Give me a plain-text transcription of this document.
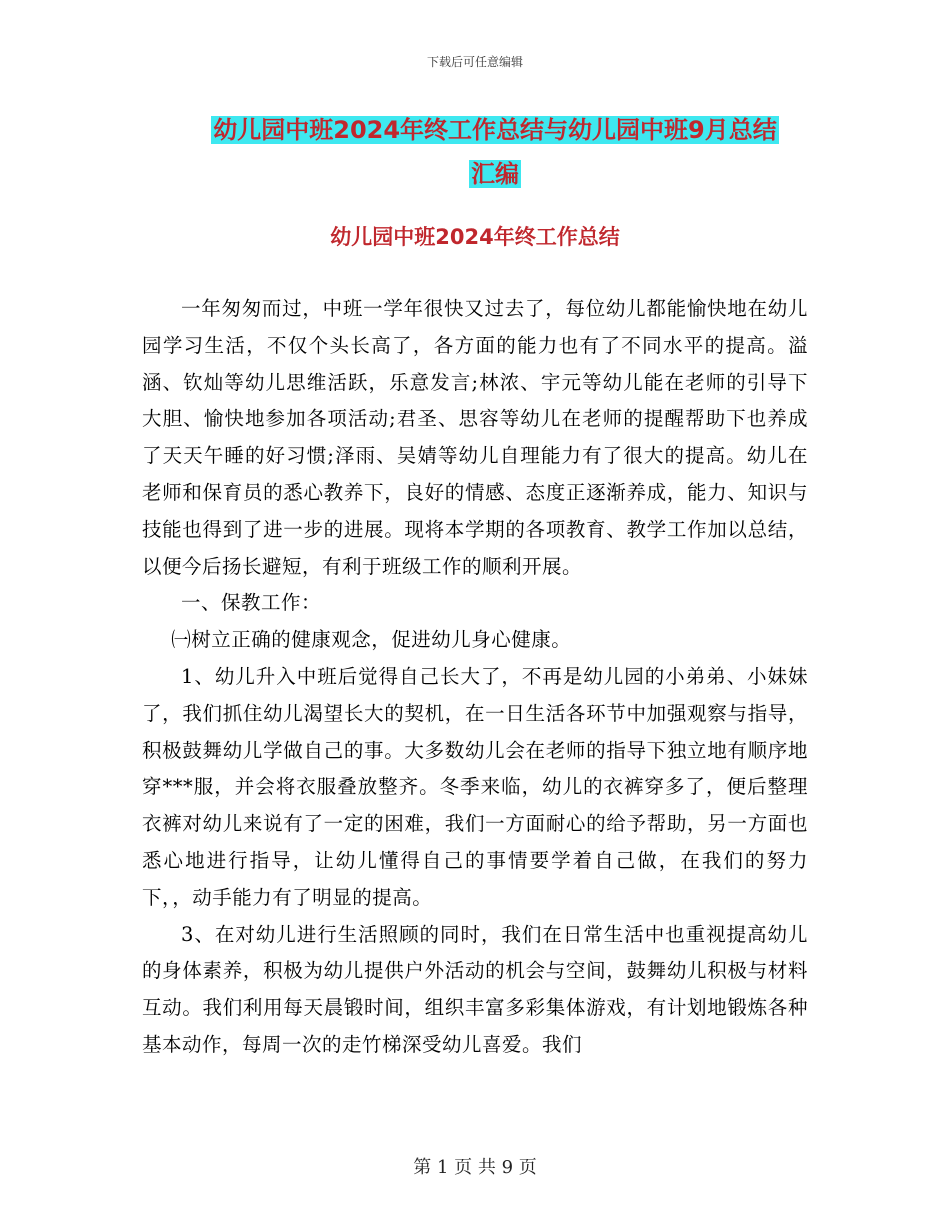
下载后可任意编辑
幼儿园中班2024年终工作总结与幼儿园中班9月总结
汇编
幼儿园中班2024年终工作总结

一年匆匆而过，中班一学年很快又过去了，每位幼儿都能愉快地在幼儿园学习生活，不仅个头长高了，各方面的能力也有了不同水平的提高。溢涵、钦灿等幼儿思维活跃，乐意发言;林浓、宇元等幼儿能在老师的引导下大胆、愉快地参加各项活动;君圣、思容等幼儿在老师的提醒帮助下也养成了天天午睡的好习惯;泽雨、吴婧等幼儿自理能力有了很大的提高。幼儿在老师和保育员的悉心教养下，良好的情感、态度正逐渐养成，能力、知识与技能也得到了进一步的进展。现将本学期的各项教育、教学工作加以总结，以便今后扬长避短，有利于班级工作的顺利开展。

一、保教工作：

㈠树立正确的健康观念，促进幼儿身心健康。

1、幼儿升入中班后觉得自己长大了，不再是幼儿园的小弟弟、小妹妹了，我们抓住幼儿渴望长大的契机，在一日生活各环节中加强观察与指导，积极鼓舞幼儿学做自己的事。大多数幼儿会在老师的指导下独立地有顺序地穿***服，并会将衣服叠放整齐。冬季来临，幼儿的衣裤穿多了，便后整理衣裤对幼儿来说有了一定的困难，我们一方面耐心的给予帮助，另一方面也悉心地进行指导，让幼儿懂得自己的事情要学着自己做，在我们的努力下，，动手能力有了明显的提高。

3、在对幼儿进行生活照顾的同时，我们在日常生活中也重视提高幼儿的身体素养，积极为幼儿提供户外活动的机会与空间，鼓舞幼儿积极与材料互动。我们利用每天晨锻时间，组织丰富多彩集体游戏，有计划地锻炼各种基本动作，每周一次的走竹梯深受幼儿喜爱。我们

第 1 页 共 9 页
